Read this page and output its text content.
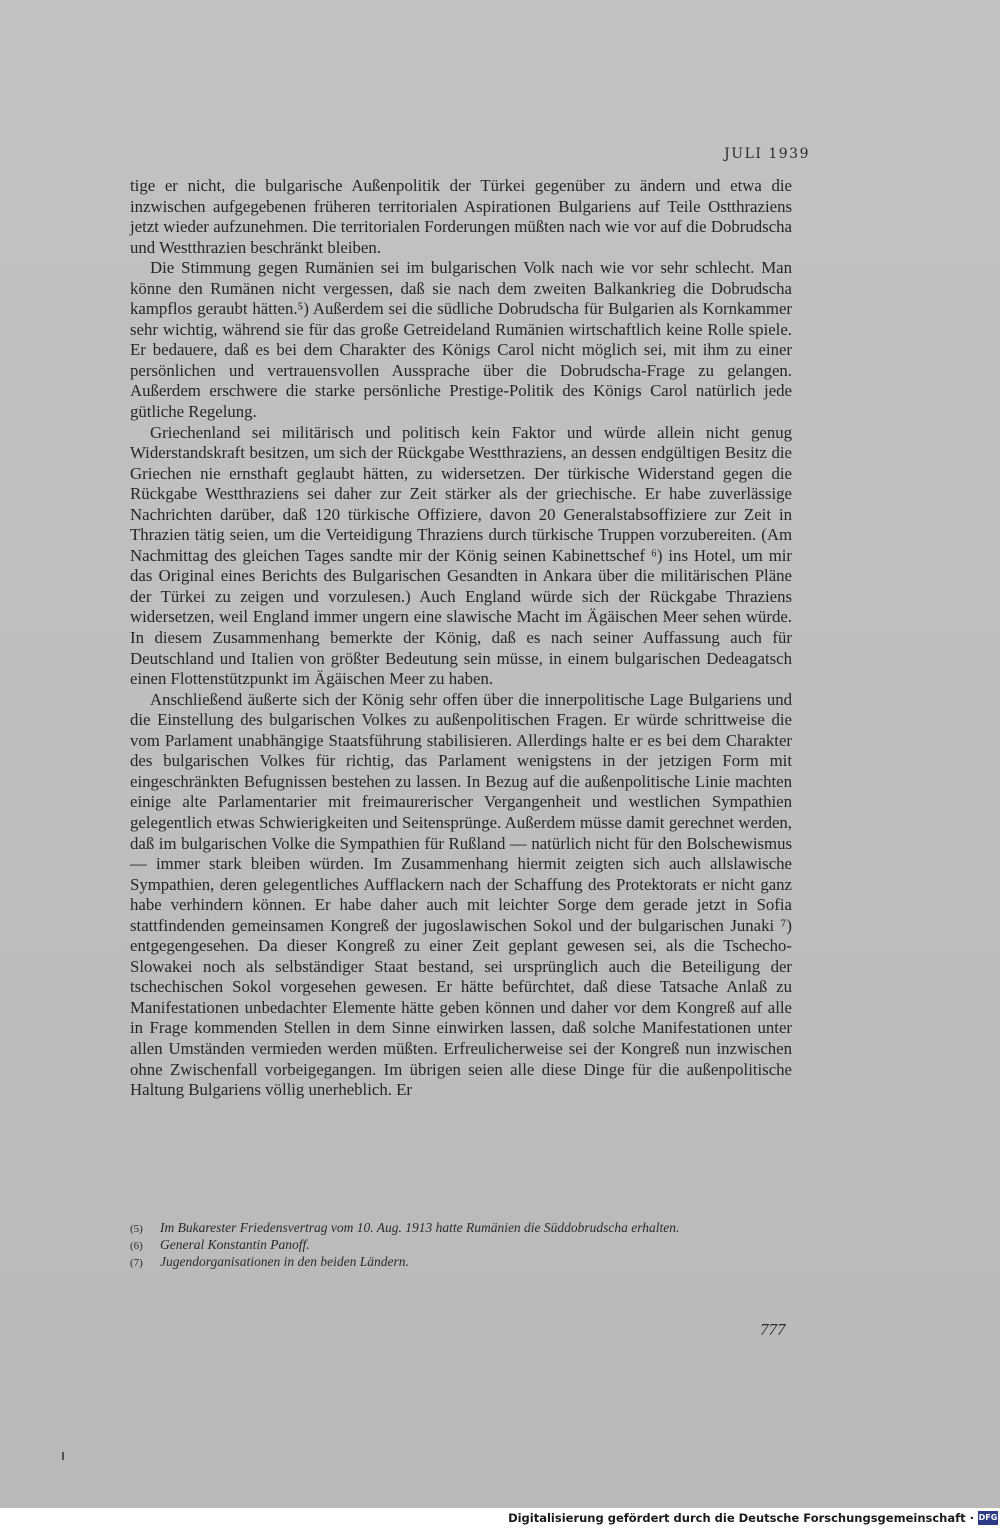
JULI 1939

tige er nicht, die bulgarische Außenpolitik der Türkei gegenüber zu ändern und etwa die inzwischen aufgegebenen früheren territorialen Aspirationen Bulgariens auf Teile Ostthraziens jetzt wieder aufzunehmen. Die territorialen Forderungen müßten nach wie vor auf die Dobrudscha und Westthrazien beschränkt bleiben.

Die Stimmung gegen Rumänien sei im bulgarischen Volk nach wie vor sehr schlecht. Man könne den Rumänen nicht vergessen, daß sie nach dem zweiten Balkankrieg die Dobrudscha kampflos geraubt hätten.⁵) Außerdem sei die südliche Dobrudscha für Bulgarien als Kornkammer sehr wichtig, während sie für das große Getreideland Rumänien wirtschaftlich keine Rolle spiele. Er bedauere, daß es bei dem Charakter des Königs Carol nicht möglich sei, mit ihm zu einer persönlichen und vertrauensvollen Aussprache über die Dobrudscha-Frage zu gelangen. Außerdem erschwere die starke persönliche Prestige-Politik des Königs Carol natürlich jede gütliche Regelung.

Griechenland sei militärisch und politisch kein Faktor und würde allein nicht genug Widerstandskraft besitzen, um sich der Rückgabe Westthraziens, an dessen endgültigen Besitz die Griechen nie ernsthaft geglaubt hätten, zu widersetzen. Der türkische Widerstand gegen die Rückgabe Westthraziens sei daher zur Zeit stärker als der griechische. Er habe zuverlässige Nachrichten darüber, daß 120 türkische Offiziere, davon 20 Generalstabsoffiziere zur Zeit in Thrazien tätig seien, um die Verteidigung Thraziens durch türkische Truppen vorzubereiten. (Am Nachmittag des gleichen Tages sandte mir der König seinen Kabinettschef ⁶) ins Hotel, um mir das Original eines Berichts des Bulgarischen Gesandten in Ankara über die militärischen Pläne der Türkei zu zeigen und vorzulesen.) Auch England würde sich der Rückgabe Thraziens widersetzen, weil England immer ungern eine slawische Macht im Ägäischen Meer sehen würde. In diesem Zusammenhang bemerkte der König, daß es nach seiner Auffassung auch für Deutschland und Italien von größter Bedeutung sein müsse, in einem bulgarischen Dedeagatsch einen Flottenstützpunkt im Ägäischen Meer zu haben.

Anschließend äußerte sich der König sehr offen über die innerpolitische Lage Bulgariens und die Einstellung des bulgarischen Volkes zu außenpolitischen Fragen. Er würde schrittweise die vom Parlament unabhängige Staatsführung stabilisieren. Allerdings halte er es bei dem Charakter des bulgarischen Volkes für richtig, das Parlament wenigstens in der jetzigen Form mit eingeschränkten Befugnissen bestehen zu lassen. In Bezug auf die außenpolitische Linie machten einige alte Parlamentarier mit freimaurerischer Vergangenheit und westlichen Sympathien gelegentlich etwas Schwierigkeiten und Seitensprünge. Außerdem müsse damit gerechnet werden, daß im bulgarischen Volke die Sympathien für Rußland — natürlich nicht für den Bolschewismus — immer stark bleiben würden. Im Zusammenhang hiermit zeigten sich auch allslawische Sympathien, deren gelegentliches Aufflackern nach der Schaffung des Protektorats er nicht ganz habe verhindern können. Er habe daher auch mit leichter Sorge dem gerade jetzt in Sofia stattfindenden gemeinsamen Kongreß der jugoslawischen Sokol und der bulgarischen Junaki ⁷) entgegengesehen. Da dieser Kongreß zu einer Zeit geplant gewesen sei, als die Tschecho-Slowakei noch als selbständiger Staat bestand, sei ursprünglich auch die Beteiligung der tschechischen Sokol vorgesehen gewesen. Er hätte befürchtet, daß diese Tatsache Anlaß zu Manifestationen unbedachter Elemente hätte geben können und daher vor dem Kongreß auf alle in Frage kommenden Stellen in dem Sinne einwirken lassen, daß solche Manifestationen unter allen Umständen vermieden werden müßten. Erfreulicherweise sei der Kongreß nun inzwischen ohne Zwischenfall vorbeigegangen. Im übrigen seien alle diese Dinge für die außenpolitische Haltung Bulgariens völlig unerheblich. Er

(5)	Im Bukarester Friedensvertrag vom 10. Aug. 1913 hatte Rumänien die Süddobrudscha erhalten.
(6)	General Konstantin Panoff.
(7)	Jugendorganisationen in den beiden Ländern.
777
Digitalisierung gefördert durch die Deutsche Forschungsgemeinschaft · DFG
